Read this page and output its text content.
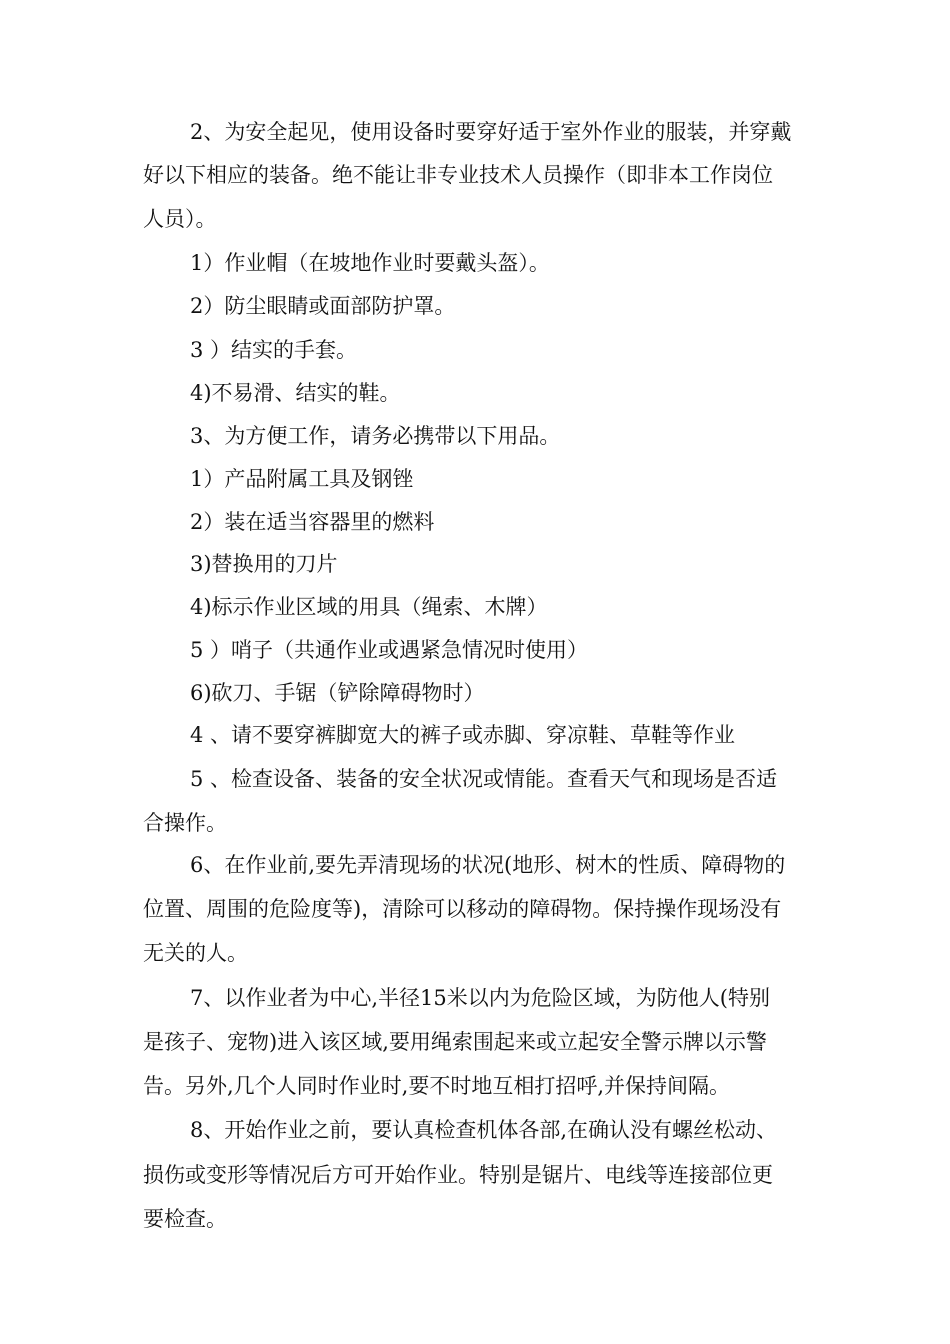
2、为安全起见，使用设备时要穿好适于室外作业的服装，并穿戴
好以下相应的装备。绝不能让非专业技术人员操作（即非本工作岗位
人员）。
1）作业帽（在坡地作业时要戴头盔）。
2）防尘眼睛或面部防护罩。
3 ）结实的手套。
4)不易滑、结实的鞋。
3、为方便工作，请务必携带以下用品。
1）产品附属工具及钢锉
2）装在适当容器里的燃料
3)替换用的刀片
4)标示作业区域的用具（绳索、木牌）
5 ）哨子（共通作业或遇紧急情况时使用）
6)砍刀、手锯（铲除障碍物时）
4 、请不要穿裤脚宽大的裤子或赤脚、穿凉鞋、草鞋等作业
5 、检查设备、装备的安全状况或情能。查看天气和现场是否适
合操作。
6、在作业前,要先弄清现场的状况(地形、树木的性质、障碍物的
位置、周围的危险度等)，清除可以移动的障碍物。保持操作现场没有
无关的人。
7、以作业者为中心,半径15米以内为危险区域，为防他人(特别
是孩子、宠物)进入该区域,要用绳索围起来或立起安全警示牌以示警
告。另外,几个人同时作业时,要不时地互相打招呼,并保持间隔。
8、开始作业之前，要认真检查机体各部,在确认没有螺丝松动、
损伤或变形等情况后方可开始作业。特别是锯片、电线等连接部位更
要检查。
